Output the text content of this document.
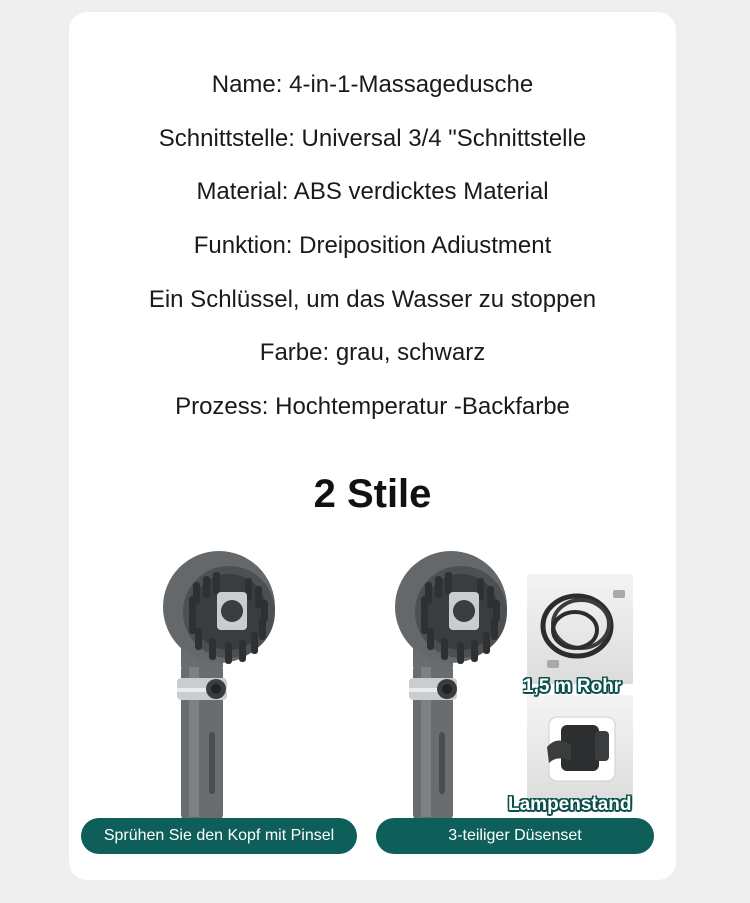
Name: 4-in-1-Massagedusche
Schnittstelle: Universal 3/4 "Schnittstelle
Material: ABS verdicktes Material
Funktion: Dreiposition Adiustment
Ein Schlüssel, um das Wasser zu stoppen
Farbe: grau, schwarz
Prozess: Hochtemperatur -Backfarbe
2 Stile
1,5 m Rohr
Lampenstand
Sprühen Sie den Kopf mit Pinsel	3-teiliger Düsenset
